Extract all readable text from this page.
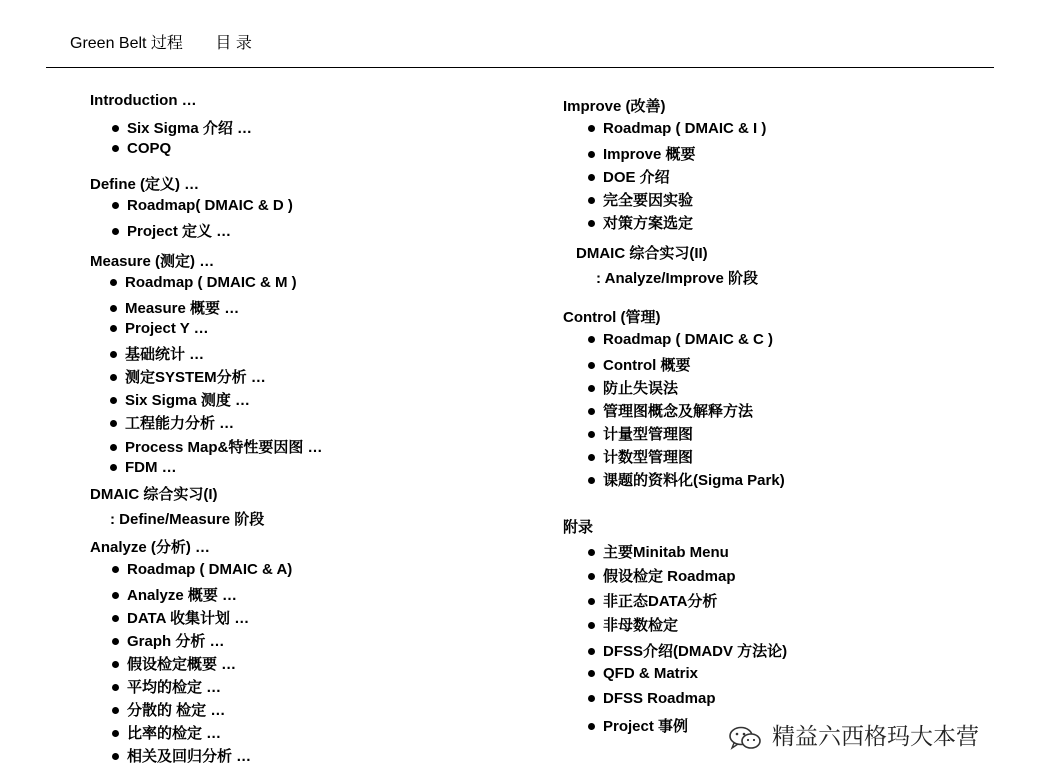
Green Belt 过程 目 录
Introduction …
Six Sigma 介绍 …
COPQ
Define (定义) …
Roadmap( DMAIC & D )
Project 定义 …
Measure (测定) …
Roadmap ( DMAIC & M )
Measure 概要 …
Project Y …
基础统计 …
测定SYSTEM分析 …
Six Sigma 测度 …
工程能力分析 …
Process Map&特性要因图 …
FDM …
DMAIC 综合实习(I)
: Define/Measure 阶段
Analyze (分析) …
Roadmap ( DMAIC & A)
Analyze 概要 …
DATA 收集计划 …
Graph 分析 …
假设检定概要 …
平均的检定 …
分散的 检定 …
比率的检定 …
相关及回归分析 …
Improve (改善)
Roadmap ( DMAIC & I )
Improve 概要
DOE 介绍
完全要因实验
对策方案选定
DMAIC 综合实习(II)
: Analyze/Improve 阶段
Control (管理)
Roadmap ( DMAIC & C )
Control 概要
防止失误法
管理图概念及解释方法
计量型管理图
计数型管理图
课题的资料化(Sigma Park)
附录
主要Minitab Menu
假设检定 Roadmap
非正态DATA分析
非母数检定
DFSS介绍(DMADV 方法论)
QFD & Matrix
DFSS Roadmap
Project 事例	精益六西格玛大本营
